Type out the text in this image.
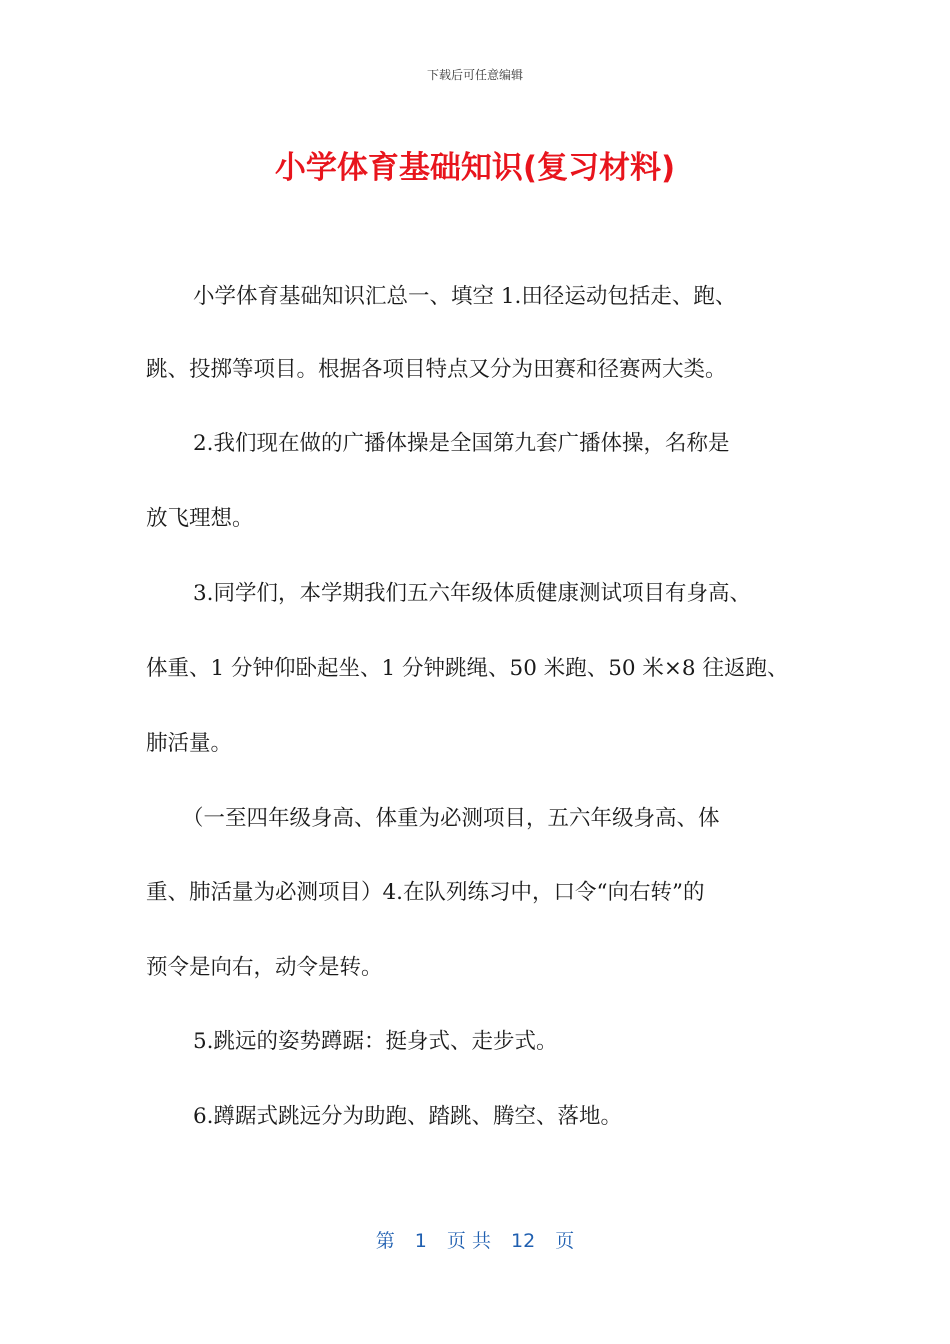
下载后可任意编辑
小学体育基础知识(复习材料)
小学体育基础知识汇总一、填空 1.田径运动包括走、跑、
跳、投掷等项目。根据各项目特点又分为田赛和径赛两大类。
2.我们现在做的广播体操是全国第九套广播体操，名称是
放飞理想。
3.同学们，本学期我们五六年级体质健康测试项目有身高、
体重、1 分钟仰卧起坐、1 分钟跳绳、50 米跑、50 米×8 往返跑、
肺活量。
（一至四年级身高、体重为必测项目，五六年级身高、体
重、肺活量为必测项目）4.在队列练习中，口令“向右转”的
预令是向右，动令是转。
5.跳远的姿势蹲踞：挺身式、走步式。
6.蹲踞式跳远分为助跑、踏跳、腾空、落地。
第 1 页 共 12 页
